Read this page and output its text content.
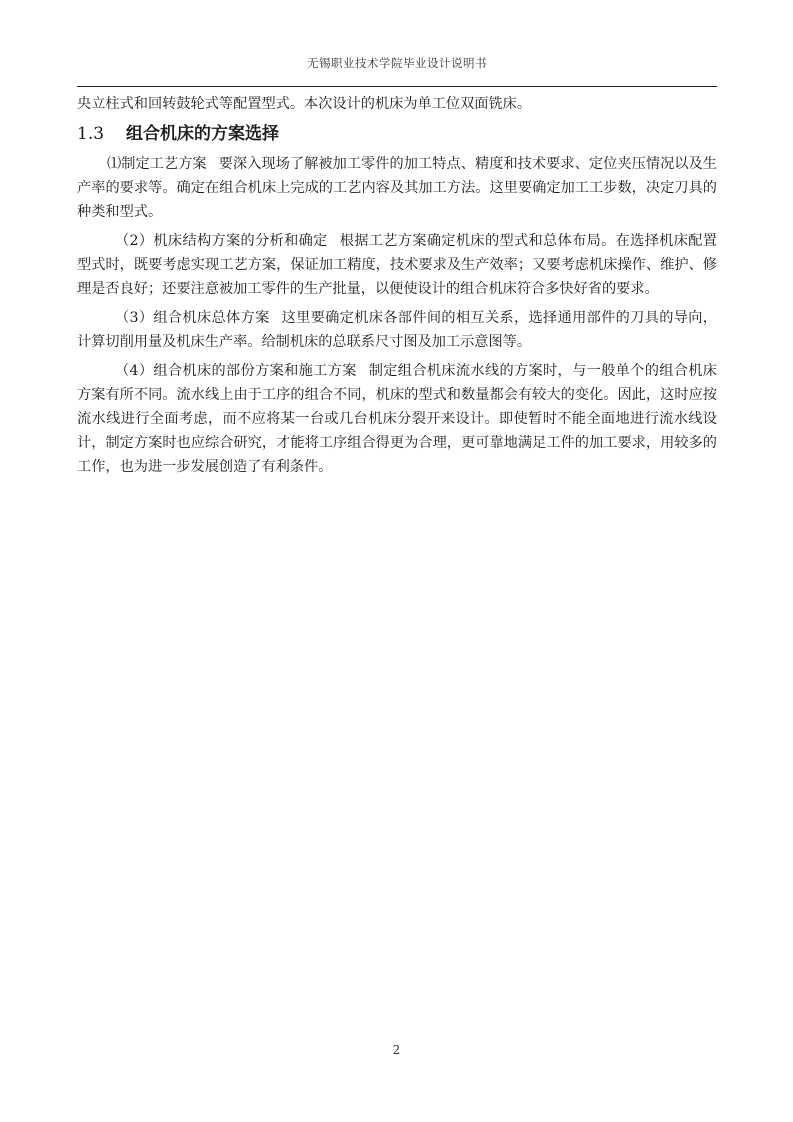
无锡职业技术学院毕业设计说明书

央立柱式和回转鼓轮式等配置型式。本次设计的机床为单工位双面铣床。

1.3 组合机床的方案选择

⑴制定工艺方案 要深入现场了解被加工零件的加工特点、精度和技术要求、定位夹压情况以及生产率的要求等。确定在组合机床上完成的工艺内容及其加工方法。这里要确定加工工步数，决定刀具的种类和型式。

（2）机床结构方案的分析和确定 根据工艺方案确定机床的型式和总体布局。在选择机床配置型式时，既要考虑实现工艺方案，保证加工精度，技术要求及生产效率；又要考虑机床操作、维护、修理是否良好；还要注意被加工零件的生产批量，以便使设计的组合机床符合多快好省的要求。

（3）组合机床总体方案 这里要确定机床各部件间的相互关系，选择通用部件的刀具的导向，计算切削用量及机床生产率。给制机床的总联系尺寸图及加工示意图等。

（4）组合机床的部份方案和施工方案 制定组合机床流水线的方案时，与一般单个的组合机床方案有所不同。流水线上由于工序的组合不同，机床的型式和数量都会有较大的变化。因此，这时应按流水线进行全面考虑，而不应将某一台或几台机床分裂开来设计。即使暂时不能全面地进行流水线设计，制定方案时也应综合研究，才能将工序组合得更为合理，更可靠地满足工件的加工要求，用较多的工作，也为进一步发展创造了有利条件。

2
